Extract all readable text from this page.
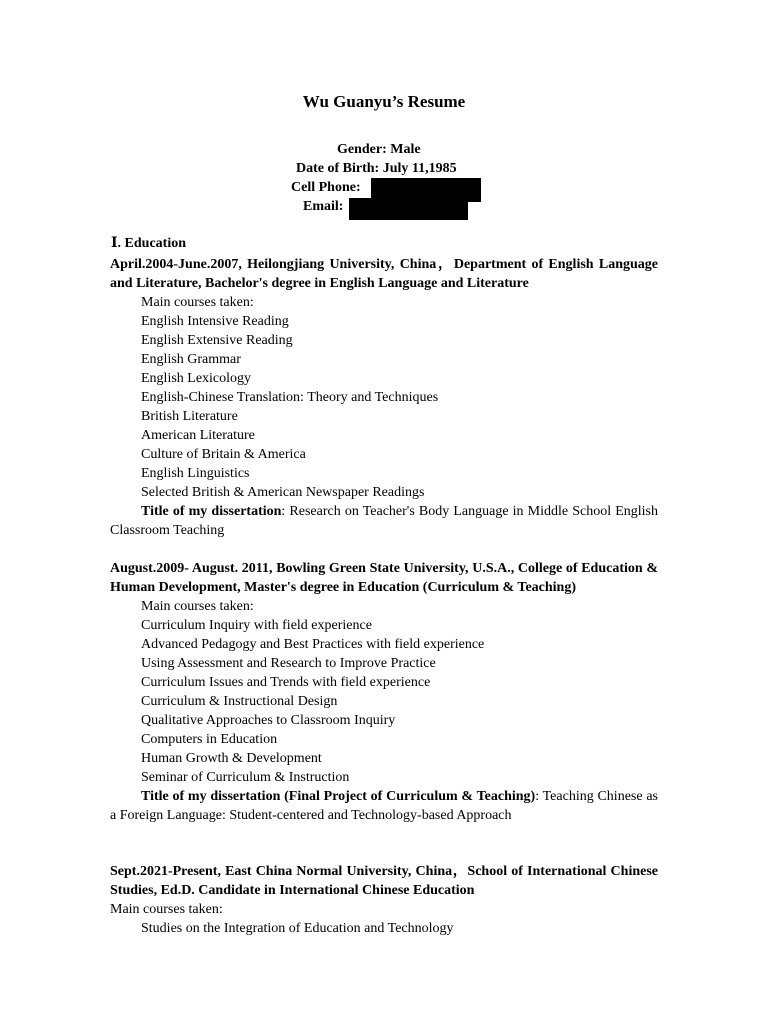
Wu Guanyu’s Resume
Gender: Male
Date of Birth: July 11,1985
Cell Phone:
Email:
Ⅰ. Education
April.2004-June.2007, Heilongjiang University, China，Department of English Language and Literature, Bachelor's degree in English Language and Literature
Main courses taken:
English Intensive Reading
English Extensive Reading
English Grammar
English Lexicology
English-Chinese Translation: Theory and Techniques
British Literature
American Literature
Culture of Britain & America
English Linguistics
Selected British & American Newspaper Readings
Title of my dissertation: Research on Teacher's Body Language in Middle School English Classroom Teaching
August.2009- August. 2011, Bowling Green State University, U.S.A., College of Education & Human Development, Master's degree in Education (Curriculum & Teaching)
Main courses taken:
Curriculum Inquiry with field experience
Advanced Pedagogy and Best Practices with field experience
Using Assessment and Research to Improve Practice
Curriculum Issues and Trends with field experience
Curriculum & Instructional Design
Qualitative Approaches to Classroom Inquiry
Computers in Education
Human Growth & Development
Seminar of Curriculum & Instruction
Title of my dissertation (Final Project of Curriculum & Teaching): Teaching Chinese as a Foreign Language: Student-centered and Technology-based Approach
Sept.2021-Present, East China Normal University, China，School of International Chinese Studies, Ed.D. Candidate in International Chinese Education
Main courses taken:
Studies on the Integration of Education and Technology
